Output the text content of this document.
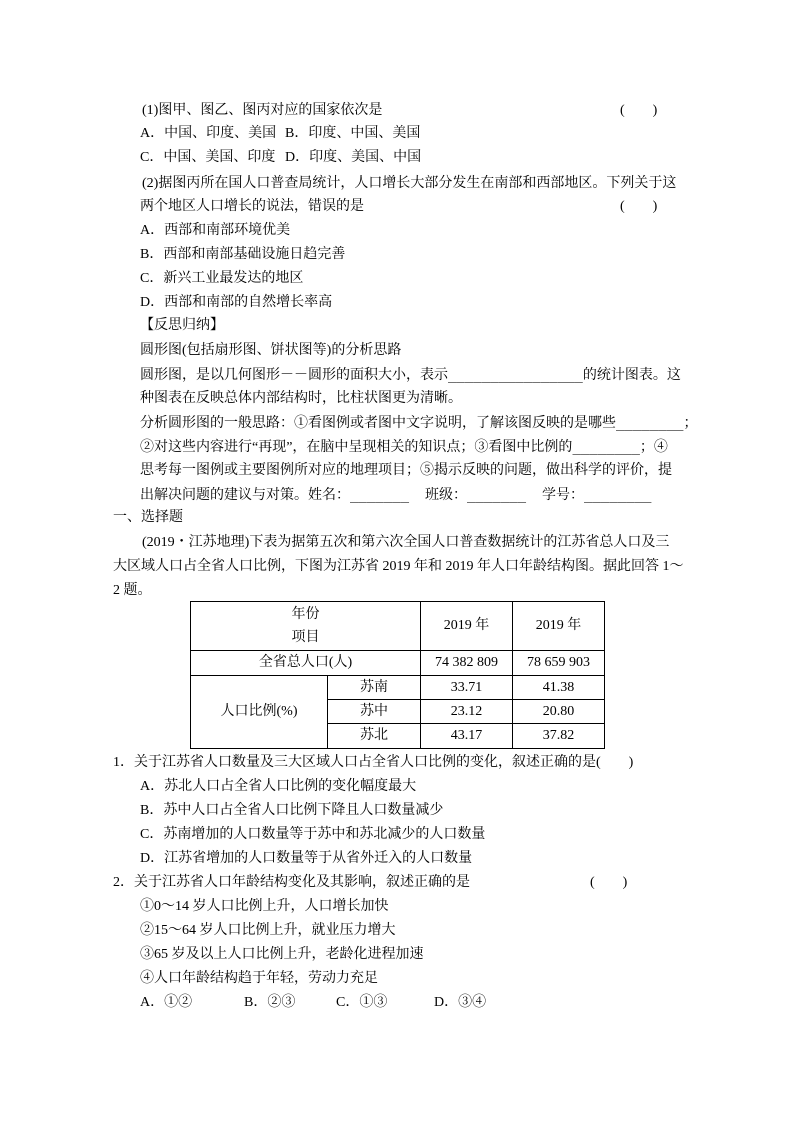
(1)图甲、图乙、图丙对应的国家依次是	(　　)
A．中国、印度、美国 B．印度、中国、美国
C．中国、美国、印度 D．印度、美国、中国
(2)据图丙所在国人口普查局统计，人口增长大部分发生在南部和西部地区。下列关于这
两个地区人口增长的说法，错误的是	(　　)
A．西部和南部环境优美
B．西部和南部基础设施日趋完善
C．新兴工业最发达的地区
D．西部和南部的自然增长率高
【反思归纳】
圆形图(包括扇形图、饼状图等)的分析思路
圆形图，是以几何图形－－圆形的面积大小，表示________________的统计图表。这
种图表在反映总体内部结构时，比柱状图更为清晰。
分析圆形图的一般思路：①看图例或者图中文字说明，了解该图反映的是哪些________；
②对这些内容进行“再现”，在脑中呈现相关的知识点；③看图中比例的________；④
思考每一图例或主要图例所对应的地理项目；⑤揭示反映的问题，做出科学的评价，提
出解决问题的建议与对策。姓名：_______ 班级：_______ 学号：________
一、选择题
(2019・江苏地理)下表为据第五次和第六次全国人口普查数据统计的江苏省总人口及三
大区域人口占全省人口比例，下图为江苏省 2019 年和 2019 年人口年龄结构图。据此回答 1～
2 题。
年份
项目		2019 年	2019 年
全省总人口(人)		74 382 809	78 659 903
人口比例(%)	苏南	33.71	41.38
	苏中	23.12	20.80
	苏北	43.17	37.82
1．关于江苏省人口数量及三大区域人口占全省人口比例的变化，叙述正确的是(　　)
A．苏北人口占全省人口比例的变化幅度最大
B．苏中人口占全省人口比例下降且人口数量减少
C．苏南增加的人口数量等于苏中和苏北减少的人口数量
D．江苏省增加的人口数量等于从省外迁入的人口数量
2．关于江苏省人口年龄结构变化及其影响，叙述正确的是	(　　)
①0～14 岁人口比例上升，人口增长加快
②15～64 岁人口比例上升，就业压力增大
③65 岁及以上人口比例上升，老龄化进程加速
④人口年龄结构趋于年轻，劳动力充足
A．①②	B．②③	C．①③	D．③④
